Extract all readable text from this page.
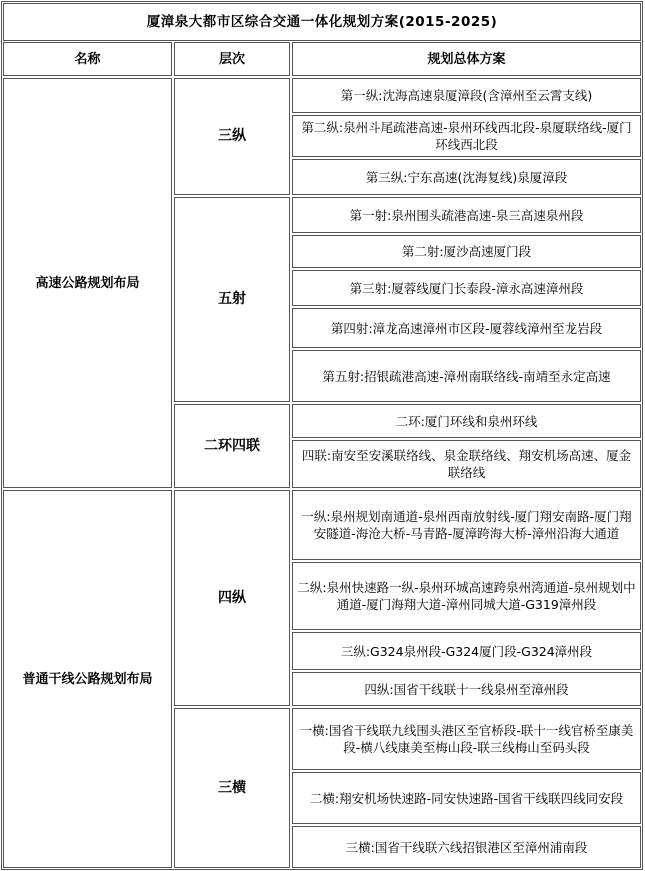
厦漳泉大都市区综合交通一体化规划方案(2015-2025)
名称	层次	规划总体方案
高速公路规划布局
三纵
第一纵:沈海高速泉厦漳段(含漳州至云霄支线)
第二纵:泉州斗尾疏港高速-泉州环线西北段-泉厦联络线-厦门环线西北段
第三纵:宁东高速(沈海复线)泉厦漳段
五射
第一射:泉州围头疏港高速-泉三高速泉州段
第二射:厦沙高速厦门段
第三射:厦蓉线厦门长泰段-漳永高速漳州段
第四射:漳龙高速漳州市区段-厦蓉线漳州至龙岩段
第五射:招银疏港高速-漳州南联络线-南靖至永定高速
二环四联
二环:厦门环线和泉州环线
四联:南安至安溪联络线、泉金联络线、翔安机场高速、厦金联络线
普通干线公路规划布局
四纵
一纵:泉州规划南通道-泉州西南放射线-厦门翔安南路-厦门翔安隧道-海沧大桥-马青路-厦漳跨海大桥-漳州沿海大通道
二纵:泉州快速路一纵-泉州环城高速跨泉州湾通道-泉州规划中通道-厦门海翔大道-漳州同城大道-G319漳州段
三纵:G324泉州段-G324厦门段-G324漳州段
四纵:国省干线联十一线泉州至漳州段
三横
一横:国省干线联九线围头港区至官桥段-联十一线官桥至康美段-横八线康美至梅山段-联三线梅山至码头段
二横:翔安机场快速路-同安快速路-国省干线联四线同安段
三横:国省干线联六线招银港区至漳州浦南段
